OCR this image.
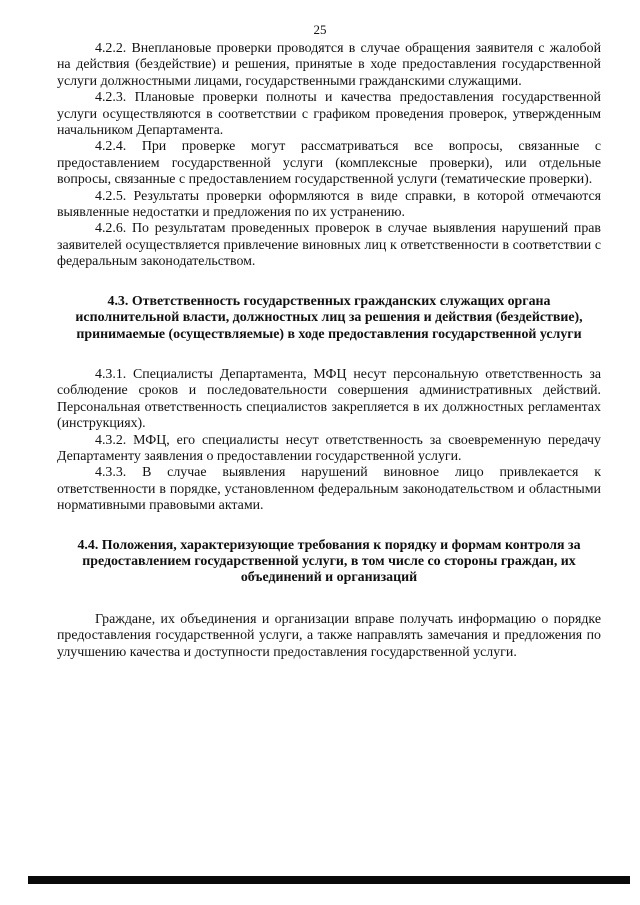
25

4.2.2. Внеплановые проверки проводятся в случае обращения заявителя с жалобой на действия (бездействие) и решения, принятые в ходе предоставления государственной услуги должностными лицами, государственными гражданскими служащими.

4.2.3. Плановые проверки полноты и качества предоставления государственной услуги осуществляются в соответствии с графиком проведения проверок, утвержденным начальником Департамента.

4.2.4. При проверке могут рассматриваться все вопросы, связанные с предоставлением государственной услуги (комплексные проверки), или отдельные вопросы, связанные с предоставлением государственной услуги (тематические проверки).

4.2.5. Результаты проверки оформляются в виде справки, в которой отмечаются выявленные недостатки и предложения по их устранению.

4.2.6. По результатам проведенных проверок в случае выявления нарушений прав заявителей осуществляется привлечение виновных лиц к ответственности в соответствии с федеральным законодательством.

4.3. Ответственность государственных гражданских служащих органа исполнительной власти, должностных лиц за решения и действия (бездействие), принимаемые (осуществляемые) в ходе предоставления государственной услуги

4.3.1. Специалисты Департамента, МФЦ несут персональную ответственность за соблюдение сроков и последовательности совершения административных действий. Персональная ответственность специалистов закрепляется в их должностных регламентах (инструкциях).

4.3.2. МФЦ, его специалисты несут ответственность за своевременную передачу Департаменту заявления о предоставлении государственной услуги.

4.3.3. В случае выявления нарушений виновное лицо привлекается к ответственности в порядке, установленном федеральным законодательством и областными нормативными правовыми актами.

4.4. Положения, характеризующие требования к порядку и формам контроля за предоставлением государственной услуги, в том числе со стороны граждан, их объединений и организаций

Граждане, их объединения и организации вправе получать информацию о порядке предоставления государственной услуги, а также направлять замечания и предложения по улучшению качества и доступности предоставления государственной услуги.
